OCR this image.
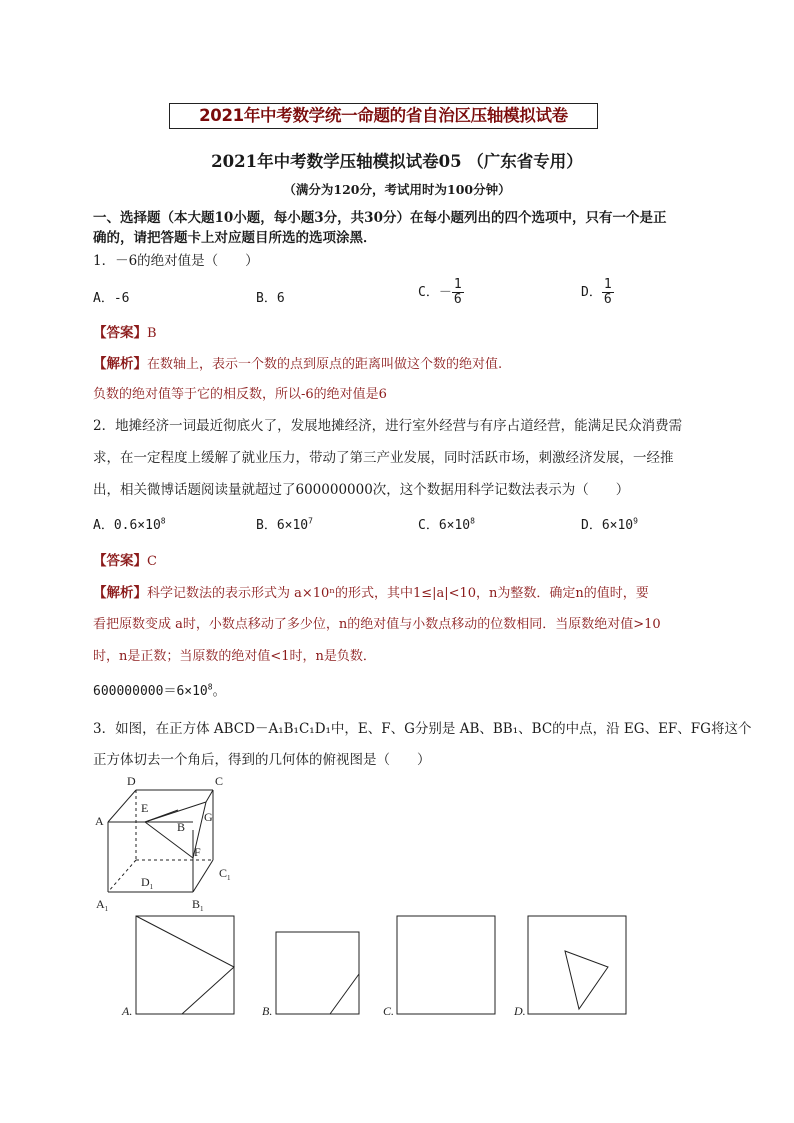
2021年中考数学统一命题的省自治区压轴模拟试卷
2021年中考数学压轴模拟试卷05 （广东省专用）
（满分为120分，考试用时为100分钟）
一、选择题（本大题10小题，每小题3分，共30分）在每小题列出的四个选项中，只有一个是正
确的，请把答题卡上对应题目所选的选项涂黑．
1．－6的绝对值是（　　）
A．-6	B．6	C．－ $\frac{1}{6}$	D． $\frac{1}{6}$
【答案】B
【解析】在数轴上，表示一个数的点到原点的距离叫做这个数的绝对值.
负数的绝对值等于它的相反数，所以-6的绝对值是6
2．地摊经济一词最近彻底火了，发展地摊经济，进行室外经营与有序占道经营，能满足民众消费需
求，在一定程度上缓解了就业压力，带动了第三产业发展，同时活跃市场，刺激经济发展，一经推
出，相关微博话题阅读量就超过了600000000次，这个数据用科学记数法表示为（　　）
A．$0.6\times 10^8$	B．$6\times 10^7$	C．$6\times 10^8$	D．$6\times 10^9$
【答案】C
【解析】科学记数法的表示形式为 a×10ⁿ的形式，其中1≤|a|<10，n为整数．确定n的值时，要
看把原数变成 a时，小数点移动了多少位，n的绝对值与小数点移动的位数相同．当原数绝对值>10
时，n是正数；当原数的绝对值<1时，n是负数．
$600000000=6\times 10^8$。
3．如图，在正方体 ABCD－A₁B₁C₁D₁中，E、F、G分别是 AB、BB₁、BC的中点，沿 EG、EF、FG将这个
正方体切去一个角后，得到的几何体的俯视图是（　　）
D	C
A
E
B
G
F
$D_1$
$C_1$
$A_1$	$B_1$
A.	B.	C.	D.
